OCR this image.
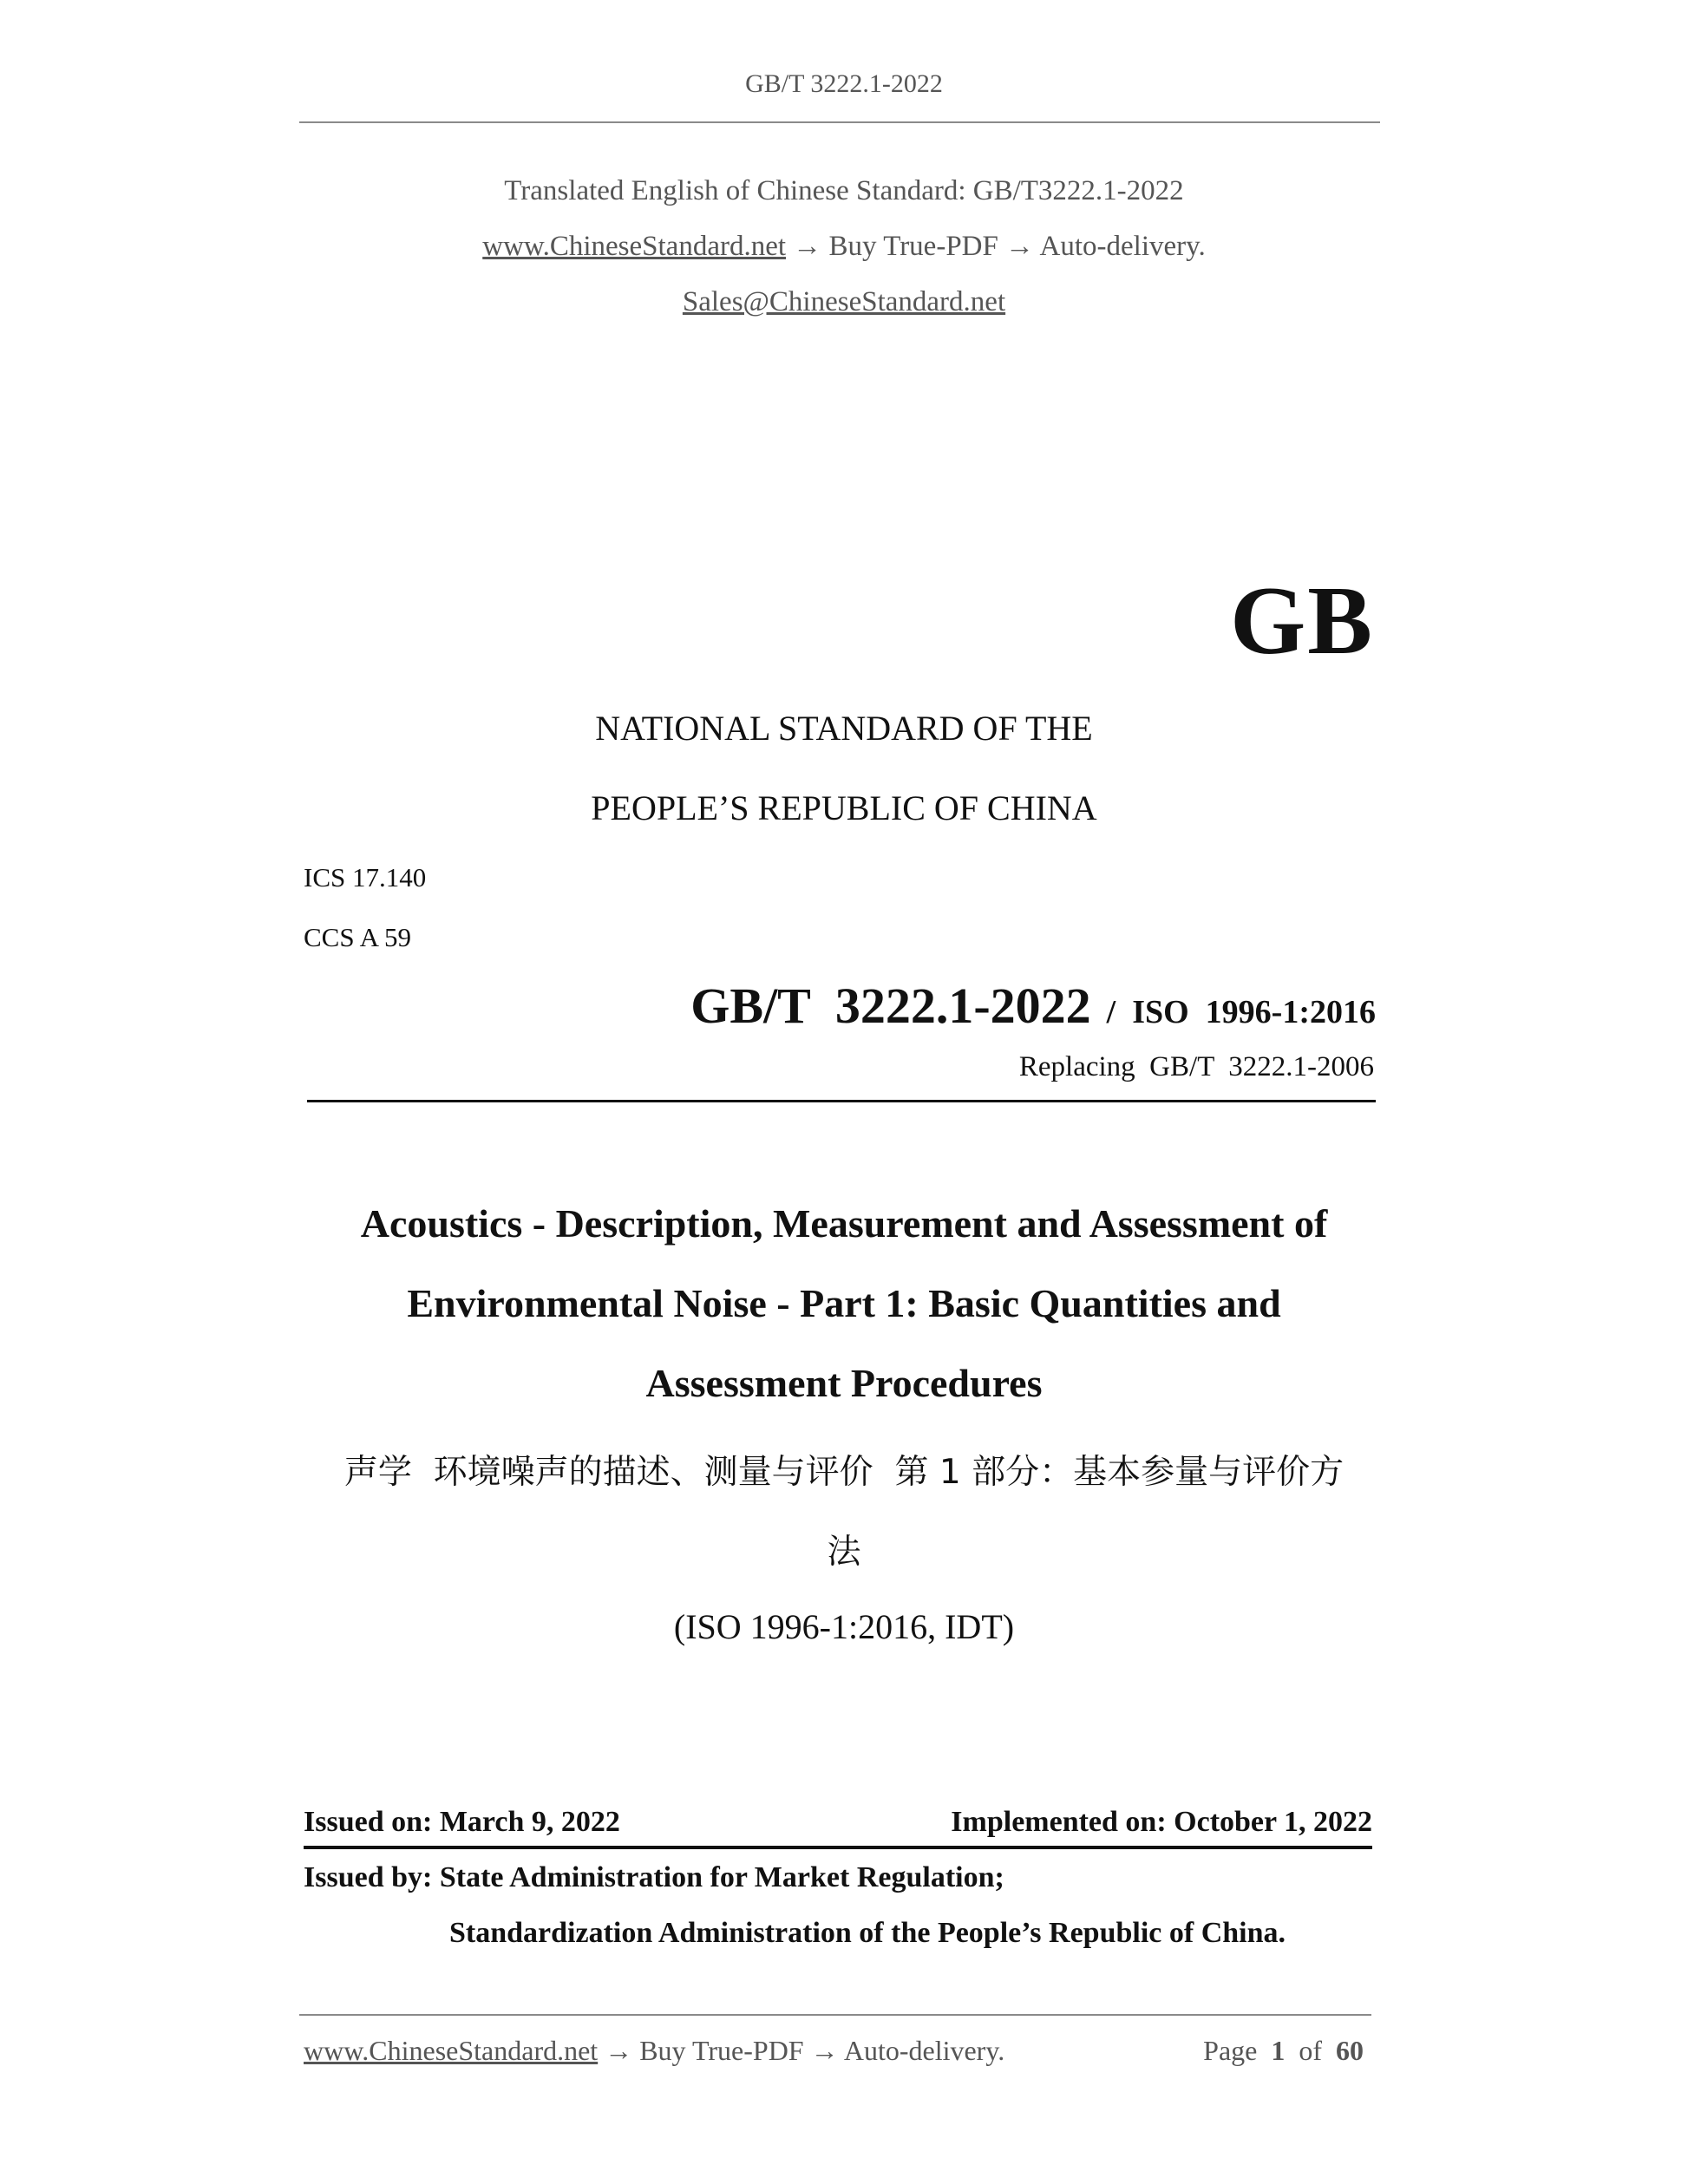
GB/T 3222.1-2022
Translated English of Chinese Standard: GB/T3222.1-2022
www.ChineseStandard.net → Buy True-PDF → Auto-delivery.
Sales@ChineseStandard.net
GB
NATIONAL STANDARD OF THE
PEOPLE’S REPUBLIC OF CHINA
ICS 17.140
CCS A 59
GB/T  3222.1-2022 /  ISO  1996-1:2016
Replacing  GB/T  3222.1-2006
Acoustics - Description, Measurement and Assessment of
Environmental Noise - Part 1: Basic Quantities and
Assessment Procedures
声学  环境噪声的描述、测量与评价  第 1 部分：基本参量与评价方
法
(ISO 1996-1:2016, IDT)
Issued on: March 9, 2022	Implemented on: October 1, 2022
Issued by: State Administration for Market Regulation;
Standardization Administration of the People’s Republic of China.
www.ChineseStandard.net → Buy True-PDF → Auto-delivery.	Page 1 of 60
